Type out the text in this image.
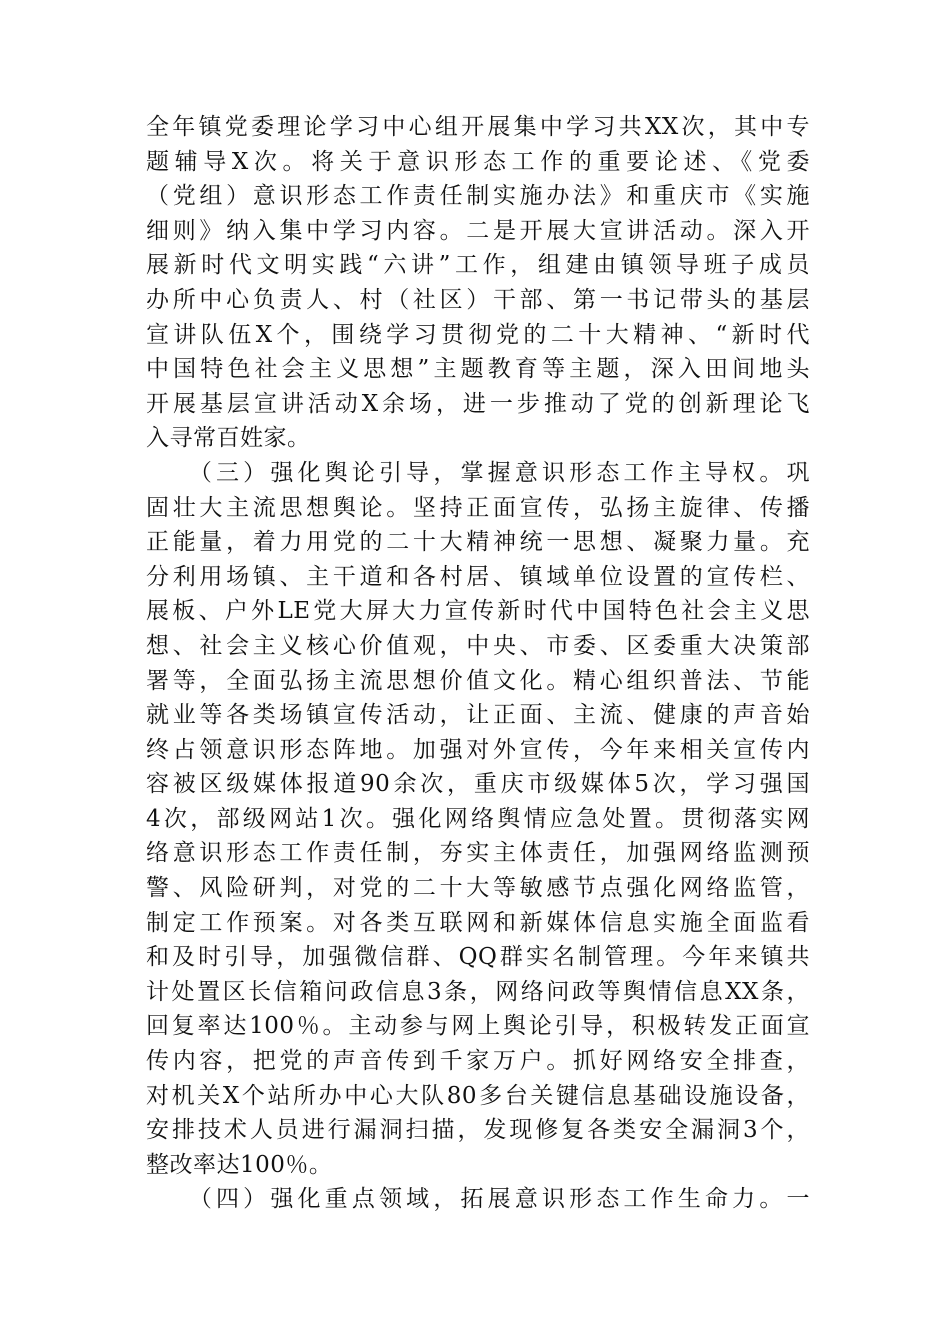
全年镇党委理论学习中心组开展集中学习共XX次，其中专
题辅导X次。将关于意识形态工作的重要论述、《党委
（党组）意识形态工作责任制实施办法》和重庆市《实施
细则》纳入集中学习内容。二是开展大宣讲活动。深入开
展新时代文明实践“六讲”工作，组建由镇领导班子成员
办所中心负责人、村（社区）干部、第一书记带头的基层
宣讲队伍X个，围绕学习贯彻党的二十大精神、“新时代
中国特色社会主义思想”主题教育等主题，深入田间地头
开展基层宣讲活动X余场，进一步推动了党的创新理论飞
入寻常百姓家。
　　（三）强化舆论引导，掌握意识形态工作主导权。巩
固壮大主流思想舆论。坚持正面宣传，弘扬主旋律、传播
正能量，着力用党的二十大精神统一思想、凝聚力量。充
分利用场镇、主干道和各村居、镇域单位设置的宣传栏、
展板、户外LE党大屏大力宣传新时代中国特色社会主义思
想、社会主义核心价值观，中央、市委、区委重大决策部
署等，全面弘扬主流思想价值文化。精心组织普法、节能
就业等各类场镇宣传活动，让正面、主流、健康的声音始
终占领意识形态阵地。加强对外宣传，今年来相关宣传内
容被区级媒体报道90余次，重庆市级媒体5次，学习强国
4次，部级网站1次。强化网络舆情应急处置。贯彻落实网
络意识形态工作责任制，夯实主体责任，加强网络监测预
警、风险研判，对党的二十大等敏感节点强化网络监管，
制定工作预案。对各类互联网和新媒体信息实施全面监看
和及时引导，加强微信群、QQ群实名制管理。今年来镇共
计处置区长信箱问政信息3条，网络问政等舆情信息XX条，
回复率达100％。主动参与网上舆论引导，积极转发正面宣
传内容，把党的声音传到千家万户。抓好网络安全排查，
对机关X个站所办中心大队80多台关键信息基础设施设备，
安排技术人员进行漏洞扫描，发现修复各类安全漏洞3个，
整改率达100％。
　　（四）强化重点领域，拓展意识形态工作生命力。一
